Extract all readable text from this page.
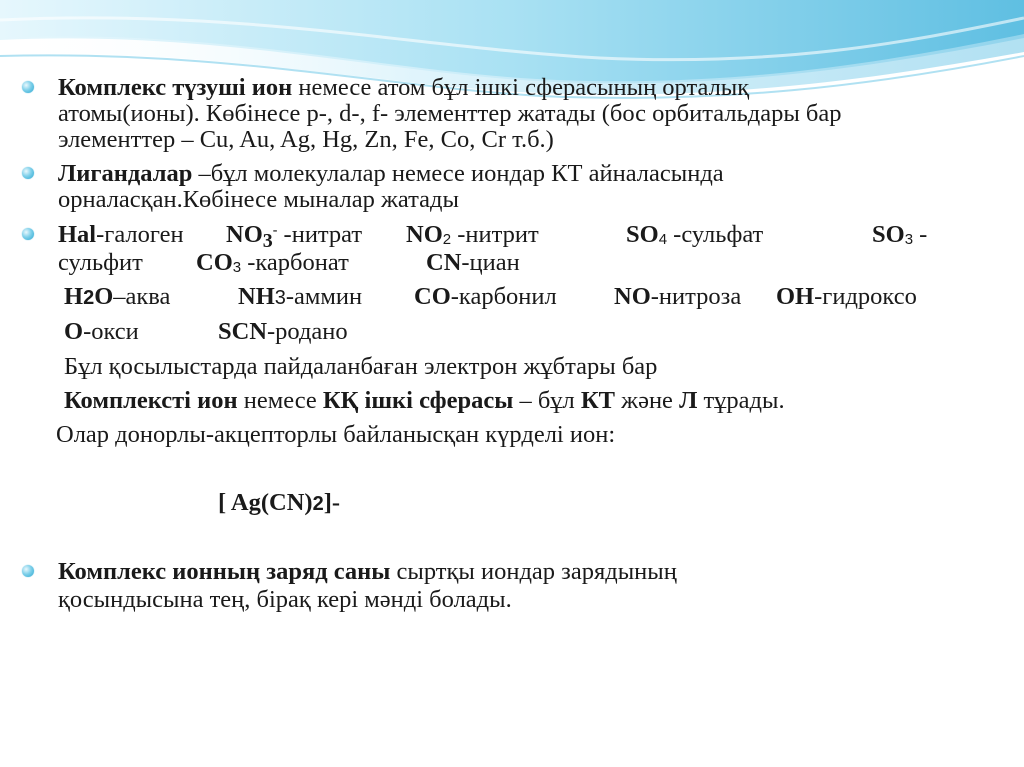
Комплекс түзуші ион немесе атом бұл ішкі сферасының орталық
атомы(ионы). Көбінесе p-, d-, f- элементтер жатады (бос орбитальдары бар
элементтер – Cu, Au, Ag, Hg, Zn, Fe, Co, Cr т.б.)
Лигандалар –бұл молекулалар немесе иондар КТ айналасында
орналасқан.Көбінесе мыналар жатады
Hal-галоген $NO_3^-$ -нитрат NO2 -нитрит	SO4 -сульфат	SO3 -
сульфит CO3 -карбонат	CN-циан
H2O–аква	NH3-аммин CO-карбонил NO-нитроза OH-гидроксо
O-окси	SCN-родано
Бұл қосылыстарда пайдаланбаған электрон жұбтары бар
Комплексті ион немесе КҚ ішкі сферасы – бұл КТ және Л тұрады.
Олар донорлы-акцепторлы байланысқан күрделі ион:
[ Ag(CN)2]-
Комплекс ионның заряд саны сыртқы иондар зарядының
қосындысына тең, бірақ кері мәнді болады.
